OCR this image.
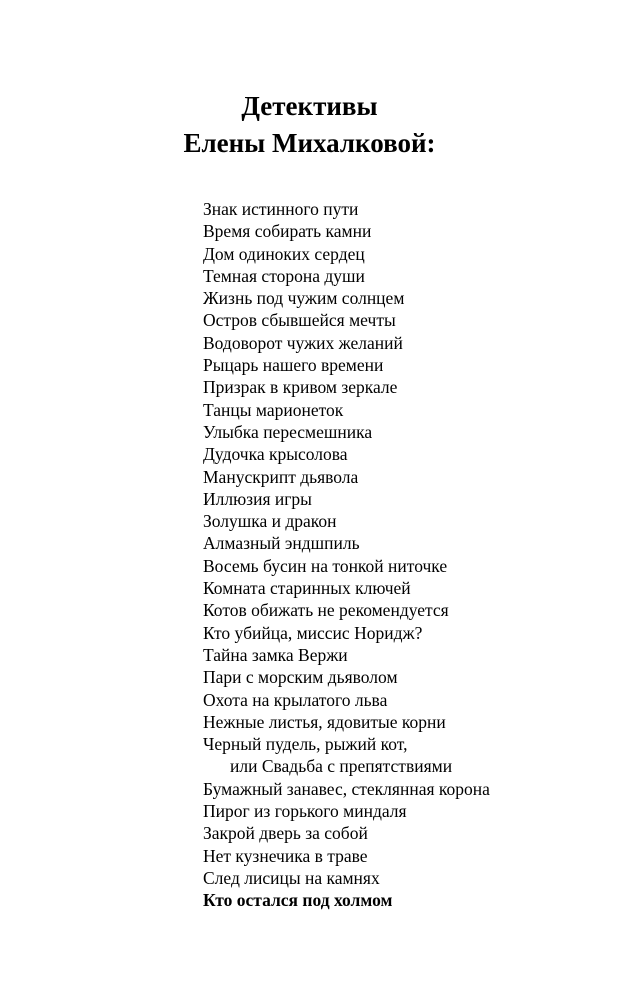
Детективы
Елены Михалковой:
Знак истинного пути
Время собирать камни
Дом одиноких сердец
Темная сторона души
Жизнь под чужим солнцем
Остров сбывшейся мечты
Водоворот чужих желаний
Рыцарь нашего времени
Призрак в кривом зеркале
Танцы марионеток
Улыбка пересмешника
Дудочка крысолова
Манускрипт дьявола
Иллюзия игры
Золушка и дракон
Алмазный эндшпиль
Восемь бусин на тонкой ниточке
Комната старинных ключей
Котов обижать не рекомендуется
Кто убийца, миссис Норидж?
Тайна замка Вержи
Пари с морским дьяволом
Охота на крылатого льва
Нежные листья, ядовитые корни
Черный пудель, рыжий кот,
или Свадьба с препятствиями
Бумажный занавес, стеклянная корона
Пирог из горького миндаля
Закрой дверь за собой
Нет кузнечика в траве
След лисицы на камнях
Кто остался под холмом
